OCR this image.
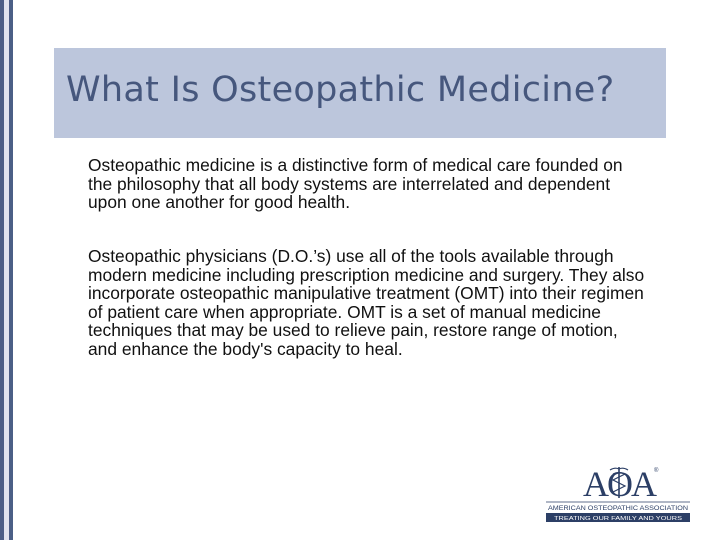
What Is Osteopathic Medicine?

Osteopathic medicine is a distinctive form of medical care founded on the philosophy that all body systems are interrelated and dependent upon one another for good health.

Osteopathic physicians (D.O.’s) use all of the tools available through modern medicine including prescription medicine and surgery. They also incorporate osteopathic manipulative treatment (OMT) into their regimen of patient care when appropriate. OMT is a set of manual medicine techniques that may be used to relieve pain, restore range of motion, and enhance the body's capacity to heal.

AOA ®
AMERICAN OSTEOPATHIC ASSOCIATION
TREATING OUR FAMILY AND YOURS
